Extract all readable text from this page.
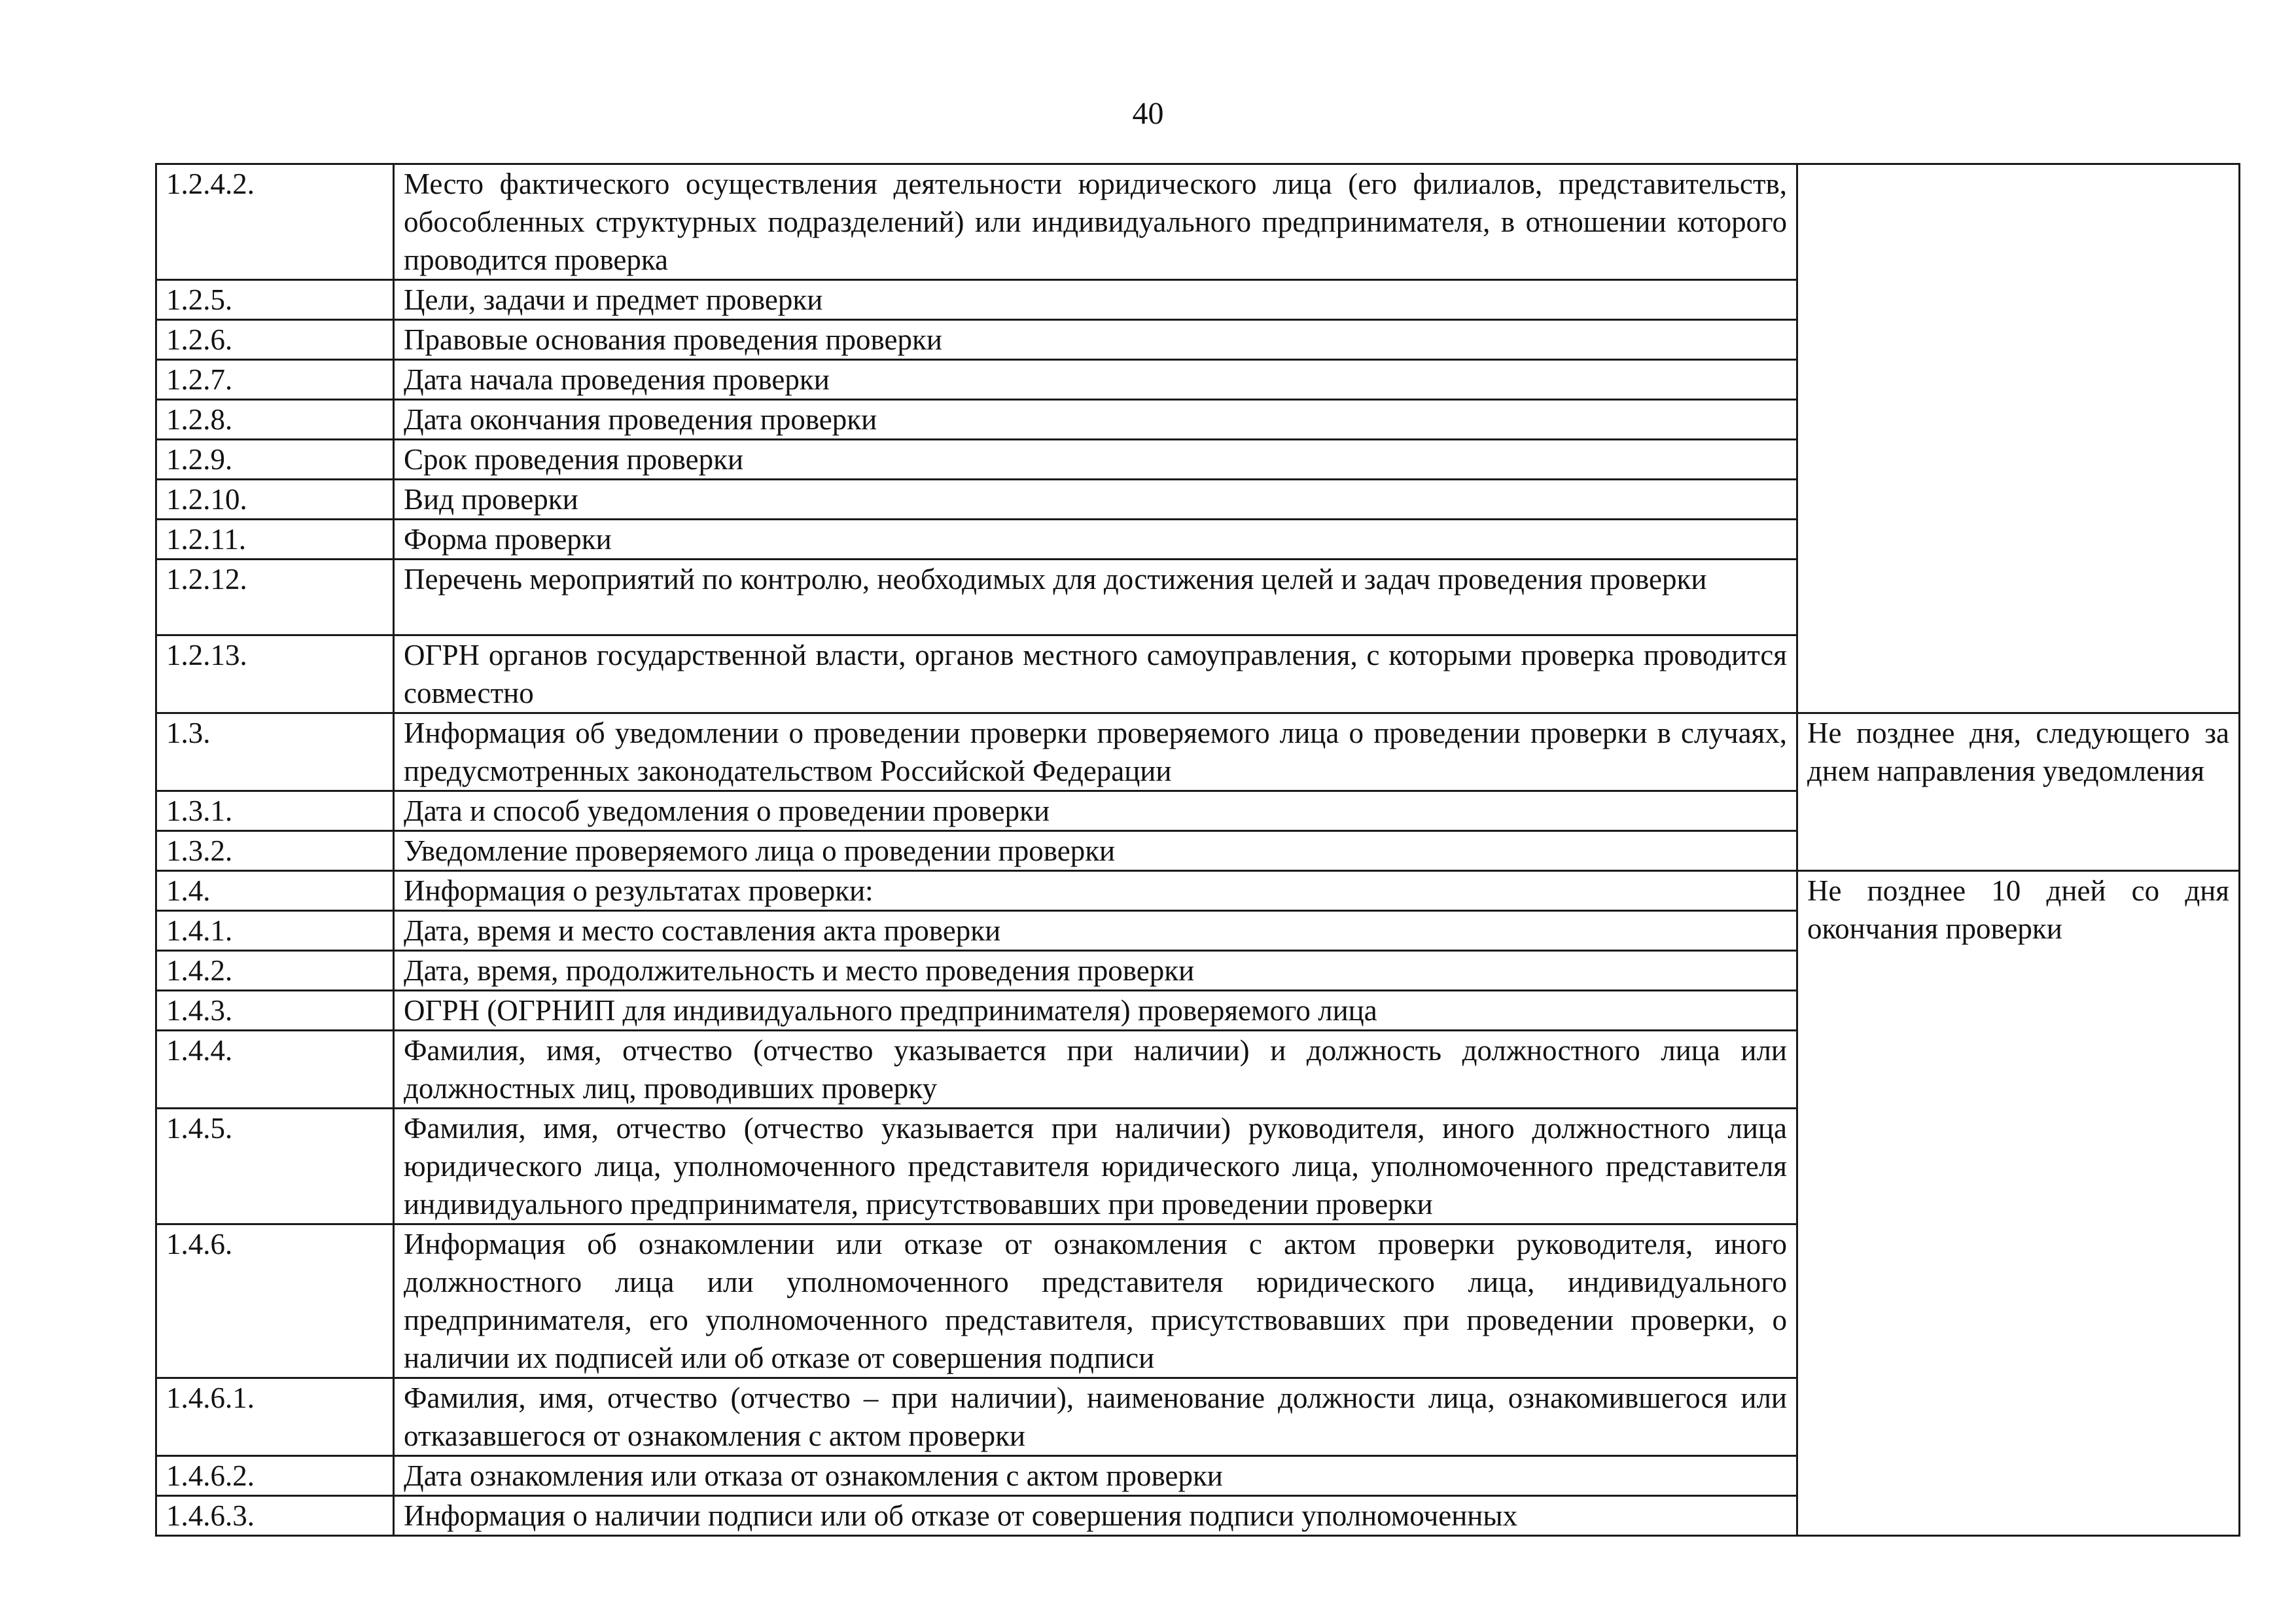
40
1.2.4.2.	Место фактического осуществления деятельности юридического лица (его филиалов, представительств, обособленных структурных подразделений) или индивидуального предпринимателя, в отношении которого проводится проверка	
1.2.5.	Цели, задачи и предмет проверки	
1.2.6.	Правовые основания проведения проверки	
1.2.7.	Дата начала проведения проверки	
1.2.8.	Дата окончания проведения проверки	
1.2.9.	Срок проведения проверки	
1.2.10.	Вид проверки	
1.2.11.	Форма проверки	
1.2.12.	Перечень мероприятий по контролю, необходимых для достижения целей и задач проведения проверки	
1.2.13.	ОГРН органов государственной власти, органов местного самоуправления, с которыми проверка проводится совместно	
1.3.	Информация об уведомлении о проведении проверки проверяемого лица о проведении проверки в случаях, предусмотренных законодательством Российской Федерации	Не позднее дня, следующего за днем направления уведомления
1.3.1.	Дата и способ уведомления о проведении проверки	
1.3.2.	Уведомление проверяемого лица о проведении проверки	
1.4.	Информация о результатах проверки:	Не позднее 10 дней со дня окончания проверки
1.4.1.	Дата, время и место составления акта проверки	
1.4.2.	Дата, время, продолжительность и место проведения проверки	
1.4.3.	ОГРН (ОГРНИП для индивидуального предпринимателя) проверяемого лица	
1.4.4.	Фамилия, имя, отчество (отчество указывается при наличии) и должность должностного лица или должностных лиц, проводивших проверку	
1.4.5.	Фамилия, имя, отчество (отчество указывается при наличии) руководителя, иного должностного лица юридического лица, уполномоченного представителя юридического лица, уполномоченного представителя индивидуального предпринимателя, присутствовавших при проведении проверки	
1.4.6.	Информация об ознакомлении или отказе от ознакомления с актом проверки руководителя, иного должностного лица или уполномоченного представителя юридического лица, индивидуального предпринимателя, его уполномоченного представителя, присутствовавших при проведении проверки, о наличии их подписей или об отказе от совершения подписи	
1.4.6.1.	Фамилия, имя, отчество (отчество – при наличии), наименование должности лица, ознакомившегося или отказавшегося от ознакомления с актом проверки	
1.4.6.2.	Дата ознакомления или отказа от ознакомления с актом проверки	
1.4.6.3.	Информация о наличии подписи или об отказе от совершения подписи уполномоченных	
